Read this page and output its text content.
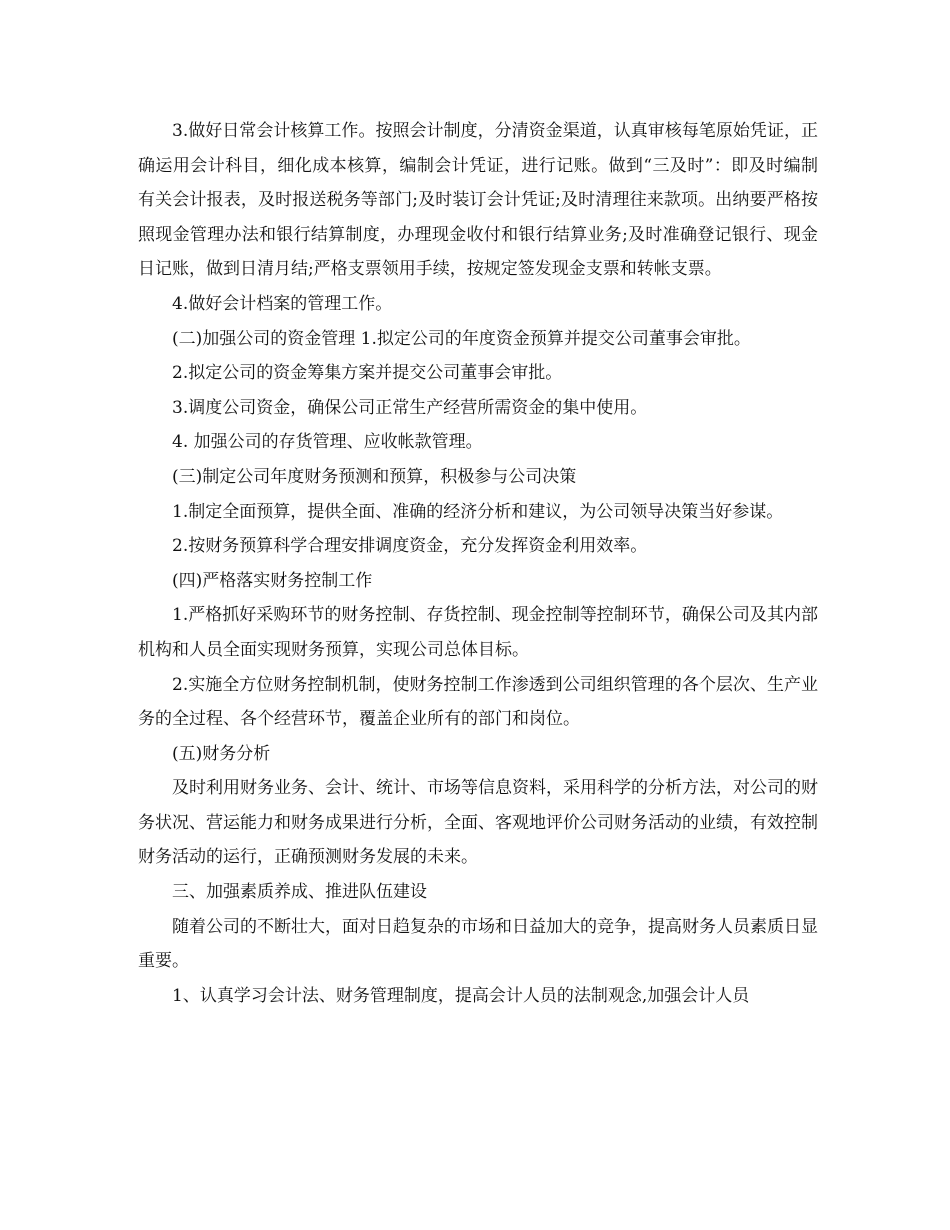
3.做好日常会计核算工作。按照会计制度，分清资金渠道，认真审核每笔原始凭证，正确运用会计科目，细化成本核算，编制会计凭证，进行记账。做到“三及时”：即及时编制有关会计报表，及时报送税务等部门;及时装订会计凭证;及时清理往来款项。出纳要严格按照现金管理办法和银行结算制度，办理现金收付和银行结算业务;及时准确登记银行、现金日记账，做到日清月结;严格支票领用手续，按规定签发现金支票和转帐支票。

4.做好会计档案的管理工作。

(二)加强公司的资金管理 1.拟定公司的年度资金预算并提交公司董事会审批。

2.拟定公司的资金筹集方案并提交公司董事会审批。

3.调度公司资金，确保公司正常生产经营所需资金的集中使用。

4. 加强公司的存货管理、应收帐款管理。

(三)制定公司年度财务预测和预算，积极参与公司决策

1.制定全面预算，提供全面、准确的经济分析和建议，为公司领导决策当好参谋。

2.按财务预算科学合理安排调度资金，充分发挥资金利用效率。

(四)严格落实财务控制工作

1.严格抓好采购环节的财务控制、存货控制、现金控制等控制环节，确保公司及其内部机构和人员全面实现财务预算，实现公司总体目标。

2.实施全方位财务控制机制，使财务控制工作渗透到公司组织管理的各个层次、生产业务的全过程、各个经营环节，覆盖企业所有的部门和岗位。

(五)财务分析

及时利用财务业务、会计、统计、市场等信息资料，采用科学的分析方法，对公司的财务状况、营运能力和财务成果进行分析，全面、客观地评价公司财务活动的业绩，有效控制财务活动的运行，正确预测财务发展的未来。

三、加强素质养成、推进队伍建设

随着公司的不断壮大，面对日趋复杂的市场和日益加大的竞争，提高财务人员素质日显重要。

1、认真学习会计法、财务管理制度，提高会计人员的法制观念,加强会计人员
